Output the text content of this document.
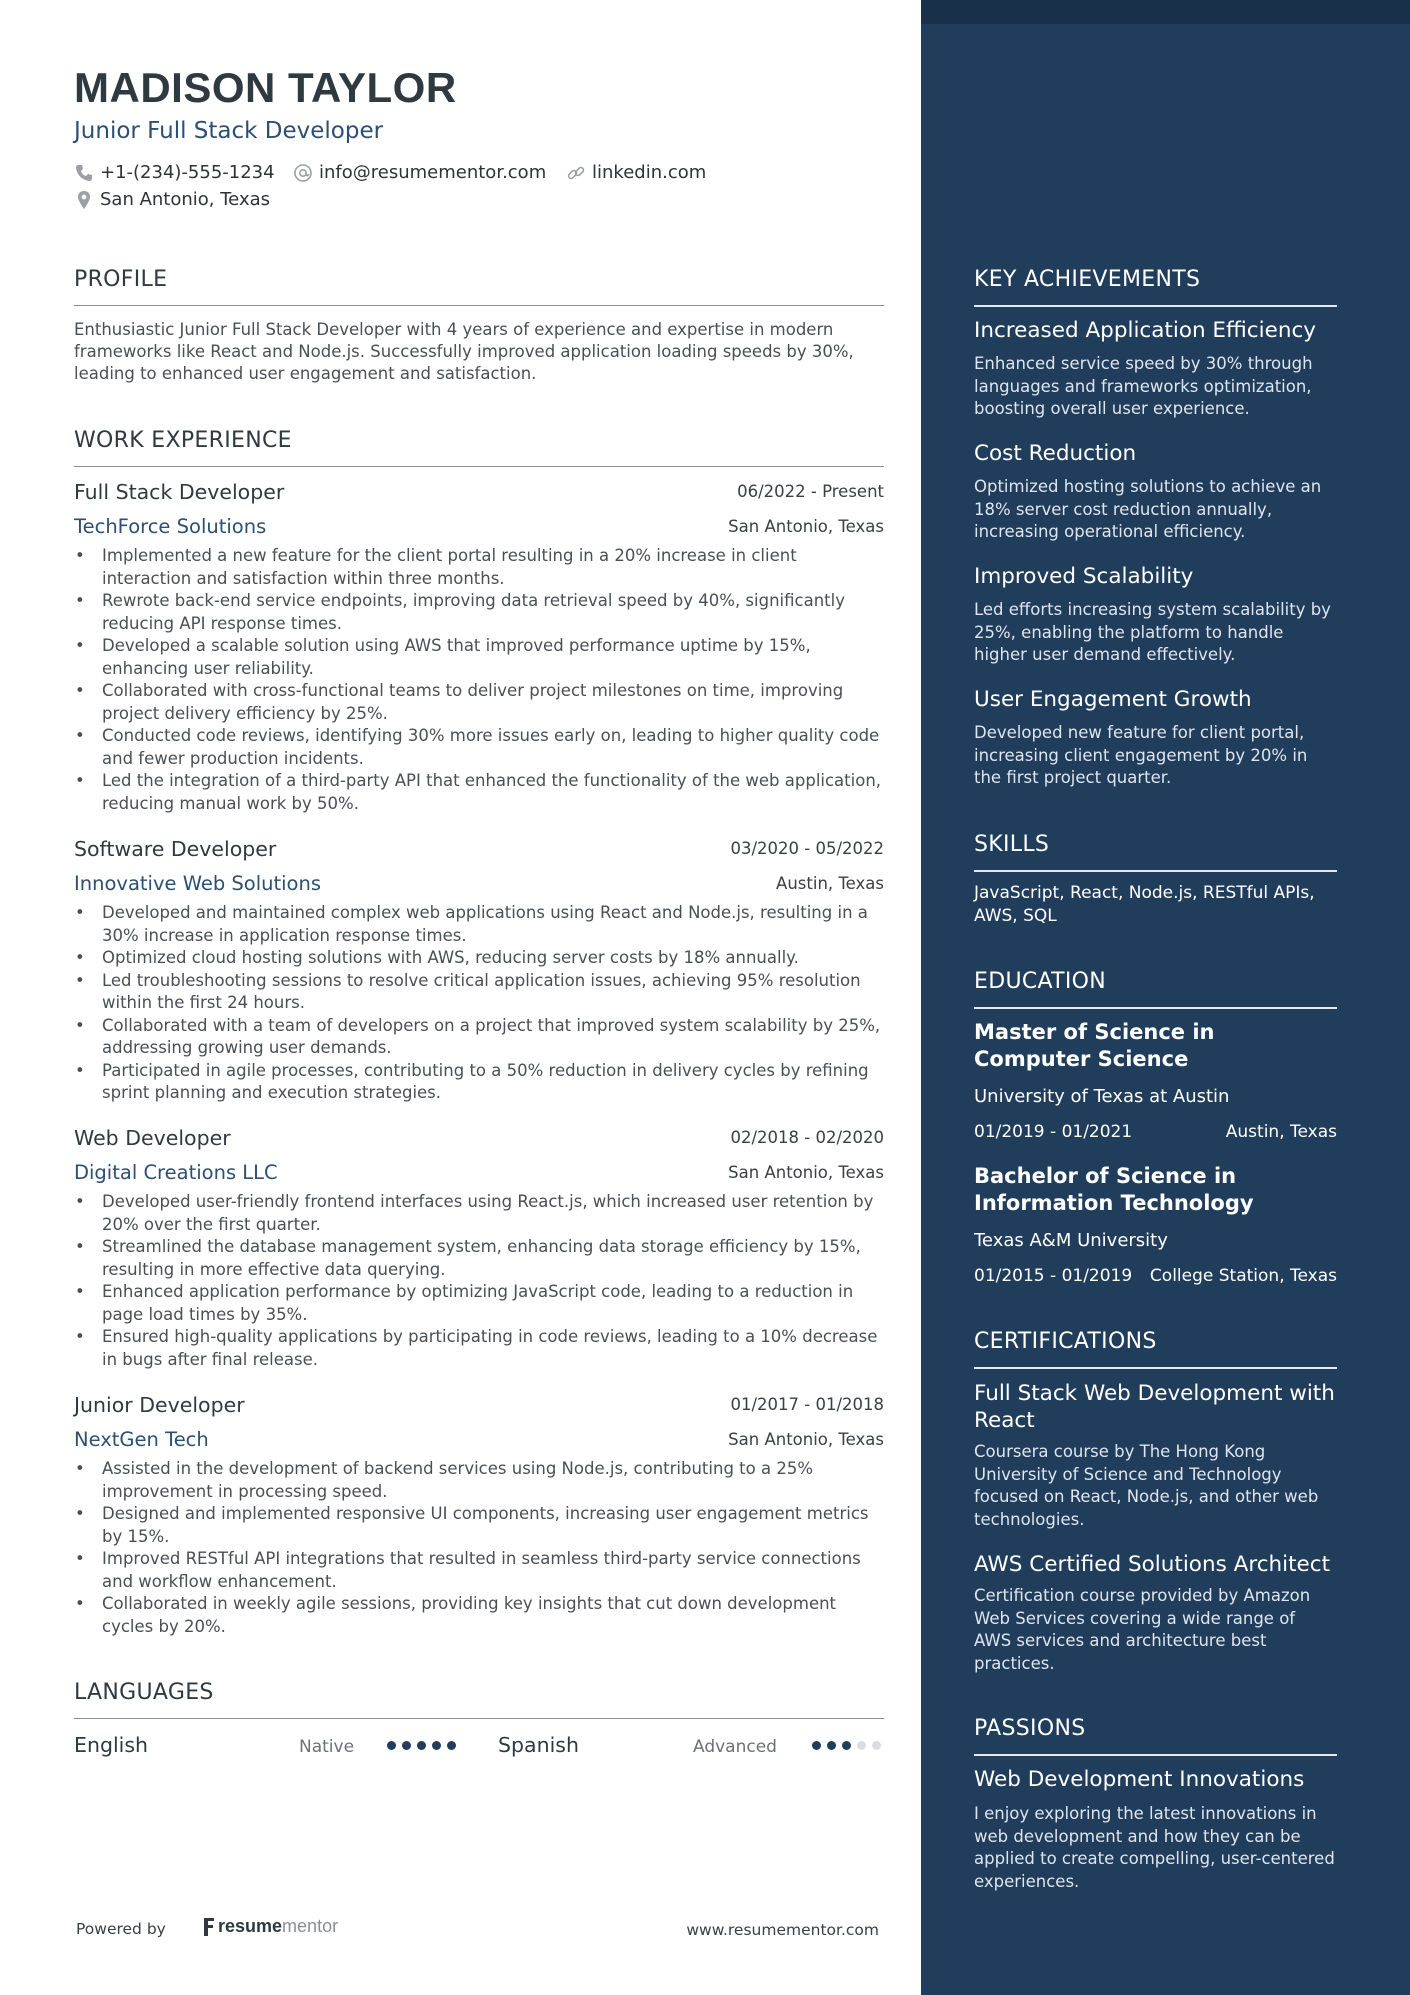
MADISON TAYLOR
Junior Full Stack Developer
+1-(234)-555-1234 info@resumementor.com	linkedin.com
San Antonio, Texas
PROFILE
Enthusiastic Junior Full Stack Developer with 4 years of experience and expertise in modern frameworks like React and Node.js. Successfully improved application loading speeds by 30%, leading to enhanced user engagement and satisfaction.
WORK EXPERIENCE
Full Stack Developer	06/2022 - Present
TechForce Solutions	San Antonio, Texas
• Implemented a new feature for the client portal resulting in a 20% increase in client interaction and satisfaction within three months.
• Rewrote back-end service endpoints, improving data retrieval speed by 40%, significantly reducing API response times.
• Developed a scalable solution using AWS that improved performance uptime by 15%, enhancing user reliability.
• Collaborated with cross-functional teams to deliver project milestones on time, improving project delivery efficiency by 25%.
• Conducted code reviews, identifying 30% more issues early on, leading to higher quality code and fewer production incidents.
• Led the integration of a third-party API that enhanced the functionality of the web application, reducing manual work by 50%.
Software Developer	03/2020 - 05/2022
Innovative Web Solutions	Austin, Texas
• Developed and maintained complex web applications using React and Node.js, resulting in a 30% increase in application response times.
• Optimized cloud hosting solutions with AWS, reducing server costs by 18% annually.
• Led troubleshooting sessions to resolve critical application issues, achieving 95% resolution within the first 24 hours.
• Collaborated with a team of developers on a project that improved system scalability by 25%, addressing growing user demands.
• Participated in agile processes, contributing to a 50% reduction in delivery cycles by refining sprint planning and execution strategies.
Web Developer	02/2018 - 02/2020
Digital Creations LLC	San Antonio, Texas
• Developed user-friendly frontend interfaces using React.js, which increased user retention by 20% over the first quarter.
• Streamlined the database management system, enhancing data storage efficiency by 15%, resulting in more effective data querying.
• Enhanced application performance by optimizing JavaScript code, leading to a reduction in page load times by 35%.
• Ensured high-quality applications by participating in code reviews, leading to a 10% decrease in bugs after final release.
Junior Developer	01/2017 - 01/2018
NextGen Tech	San Antonio, Texas
• Assisted in the development of backend services using Node.js, contributing to a 25% improvement in processing speed.
• Designed and implemented responsive UI components, increasing user engagement metrics by 15%.
• Improved RESTful API integrations that resulted in seamless third-party service connections and workflow enhancement.
• Collaborated in weekly agile sessions, providing key insights that cut down development cycles by 20%.
LANGUAGES
English	Native	Spanish	Advanced
Powered by	resume mentor	www.resumementor.com
KEY ACHIEVEMENTS
Increased Application Efficiency
Enhanced service speed by 30% through languages and frameworks optimization, boosting overall user experience.
Cost Reduction
Optimized hosting solutions to achieve an 18% server cost reduction annually, increasing operational efficiency.
Improved Scalability
Led efforts increasing system scalability by 25%, enabling the platform to handle higher user demand effectively.
User Engagement Growth
Developed new feature for client portal, increasing client engagement by 20% in the first project quarter.
SKILLS
JavaScript, React, Node.js, RESTful APIs, AWS, SQL
EDUCATION
Master of Science in Computer Science
University of Texas at Austin
01/2019 - 01/2021	Austin, Texas
Bachelor of Science in Information Technology
Texas A&M University
01/2015 - 01/2019 College Station, Texas
CERTIFICATIONS
Full Stack Web Development with React
Coursera course by The Hong Kong University of Science and Technology focused on React, Node.js, and other web technologies.
AWS Certified Solutions Architect
Certification course provided by Amazon Web Services covering a wide range of AWS services and architecture best practices.
PASSIONS
Web Development Innovations
I enjoy exploring the latest innovations in web development and how they can be applied to create compelling, user-centered experiences.
